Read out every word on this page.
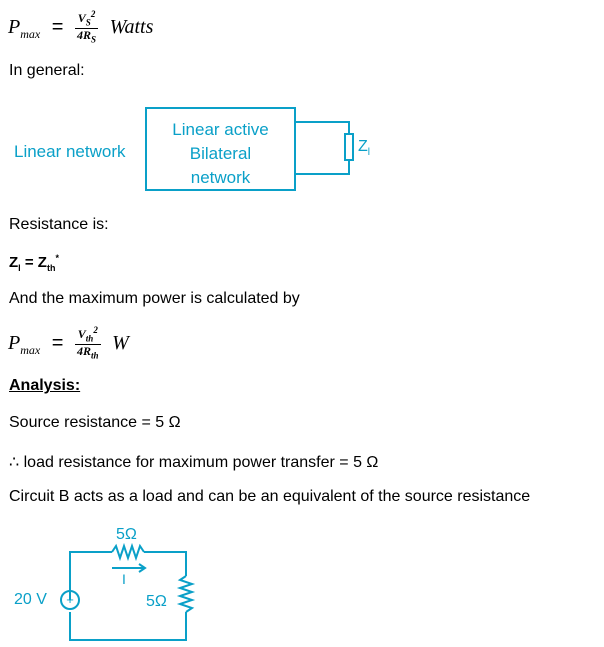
$P_{max} = \frac{V_S^2}{4R_S}$ Watts
In general:
Linear network
Linear active
Bilateral
network
$Z_l$
Resistance is:
$Z_l = Z_{th}^*$
And the maximum power is calculated by
$P_{max} = \frac{V_{th}^2}{4R_{th}}$ W
Analysis:
Source resistance = 5 Ω
∴ load resistance for maximum power transfer = 5 Ω
Circuit B acts as a load and can be an equivalent of the source resistance
+
5Ω
I
20 V	5Ω
